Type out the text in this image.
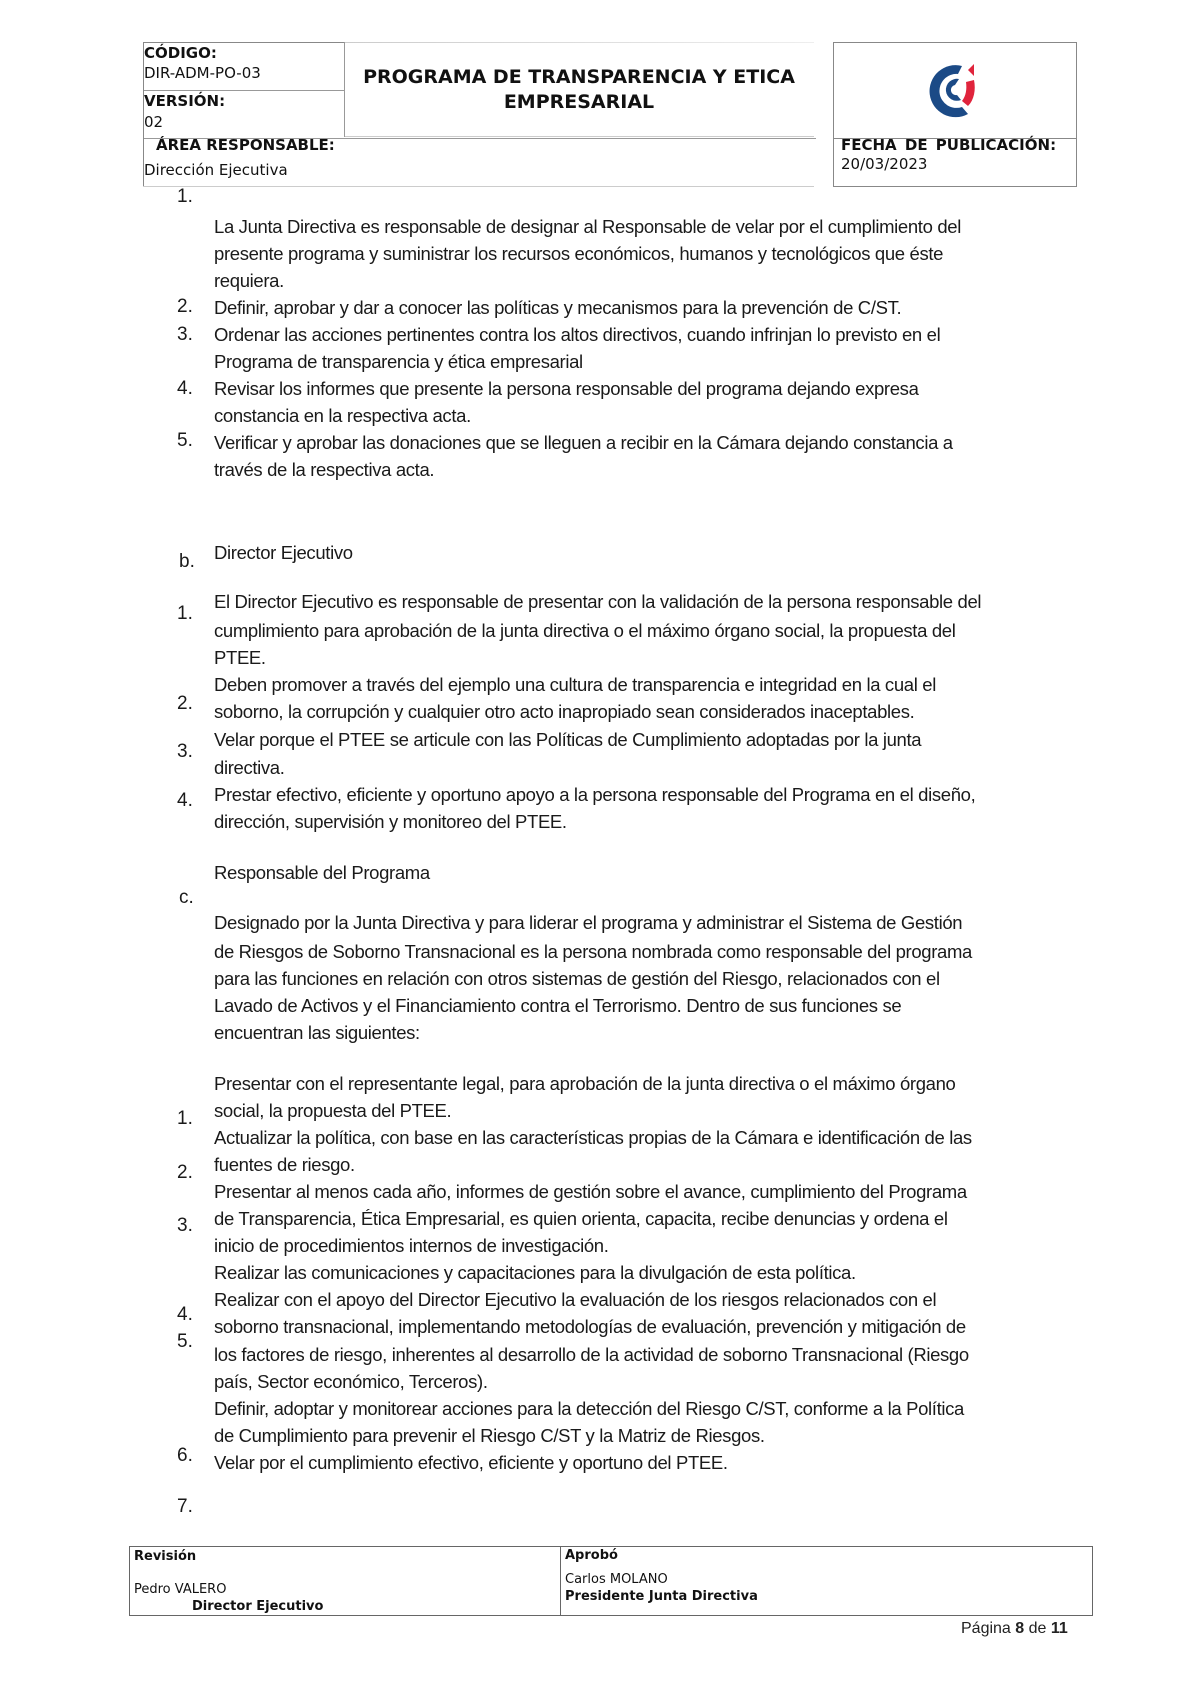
CÓDIGO:
DIR-ADM-PO-03
VERSIÓN:
02
ÁREA RESPONSABLE:
Dirección Ejecutiva
PROGRAMA DE TRANSPARENCIA Y ETICA
EMPRESARIAL
FECHA DE PUBLICACIÓN:
20/03/2023
1.
La Junta Directiva es responsable de designar al Responsable de velar por el cumplimiento del
presente programa y suministrar los recursos económicos, humanos y tecnológicos que éste
requiera.
2. Definir, aprobar y dar a conocer las políticas y mecanismos para la prevención de C/ST.
3. Ordenar las acciones pertinentes contra los altos directivos, cuando infrinjan lo previsto en el
Programa de transparencia y ética empresarial
4. Revisar los informes que presente la persona responsable del programa dejando expresa
constancia en la respectiva acta.
5. Verificar y aprobar las donaciones que se lleguen a recibir en la Cámara dejando constancia a
través de la respectiva acta.
b. Director Ejecutivo
1.
El Director Ejecutivo es responsable de presentar con la validación de la persona responsable del
cumplimiento para aprobación de la junta directiva o el máximo órgano social, la propuesta del
PTEE.
2.
Deben promover a través del ejemplo una cultura de transparencia e integridad en la cual el
soborno, la corrupción y cualquier otro acto inapropiado sean considerados inaceptables.
3.
Velar porque el PTEE se articule con las Políticas de Cumplimiento adoptadas por la junta
directiva.
4. Prestar efectivo, eficiente y oportuno apoyo a la persona responsable del Programa en el diseño,
dirección, supervisión y monitoreo del PTEE.
Responsable del Programa
c.
Designado por la Junta Directiva y para liderar el programa y administrar el Sistema de Gestión
de Riesgos de Soborno Transnacional es la persona nombrada como responsable del programa
para las funciones en relación con otros sistemas de gestión del Riesgo, relacionados con el
Lavado de Activos y el Financiamiento contra el Terrorismo. Dentro de sus funciones se
encuentran las siguientes:
1.
2.
3.
4.
5.
6.
7.
Presentar con el representante legal, para aprobación de la junta directiva o el máximo órgano
social, la propuesta del PTEE.
Actualizar la política, con base en las características propias de la Cámara e identificación de las
fuentes de riesgo.
Presentar al menos cada año, informes de gestión sobre el avance, cumplimiento del Programa
de Transparencia, Ética Empresarial, es quien orienta, capacita, recibe denuncias y ordena el
inicio de procedimientos internos de investigación.
Realizar las comunicaciones y capacitaciones para la divulgación de esta política.
Realizar con el apoyo del Director Ejecutivo la evaluación de los riesgos relacionados con el
soborno transnacional, implementando metodologías de evaluación, prevención y mitigación de
los factores de riesgo, inherentes al desarrollo de la actividad de soborno Transnacional (Riesgo
país, Sector económico, Terceros).
Definir, adoptar y monitorear acciones para la detección del Riesgo C/ST, conforme a la Política
de Cumplimiento para prevenir el Riesgo C/ST y la Matriz de Riesgos.
Velar por el cumplimiento efectivo, eficiente y oportuno del PTEE.
Revisión
Pedro VALERO
Director Ejecutivo
Aprobó
Carlos MOLANO
Presidente Junta Directiva
Página 8 de 11
